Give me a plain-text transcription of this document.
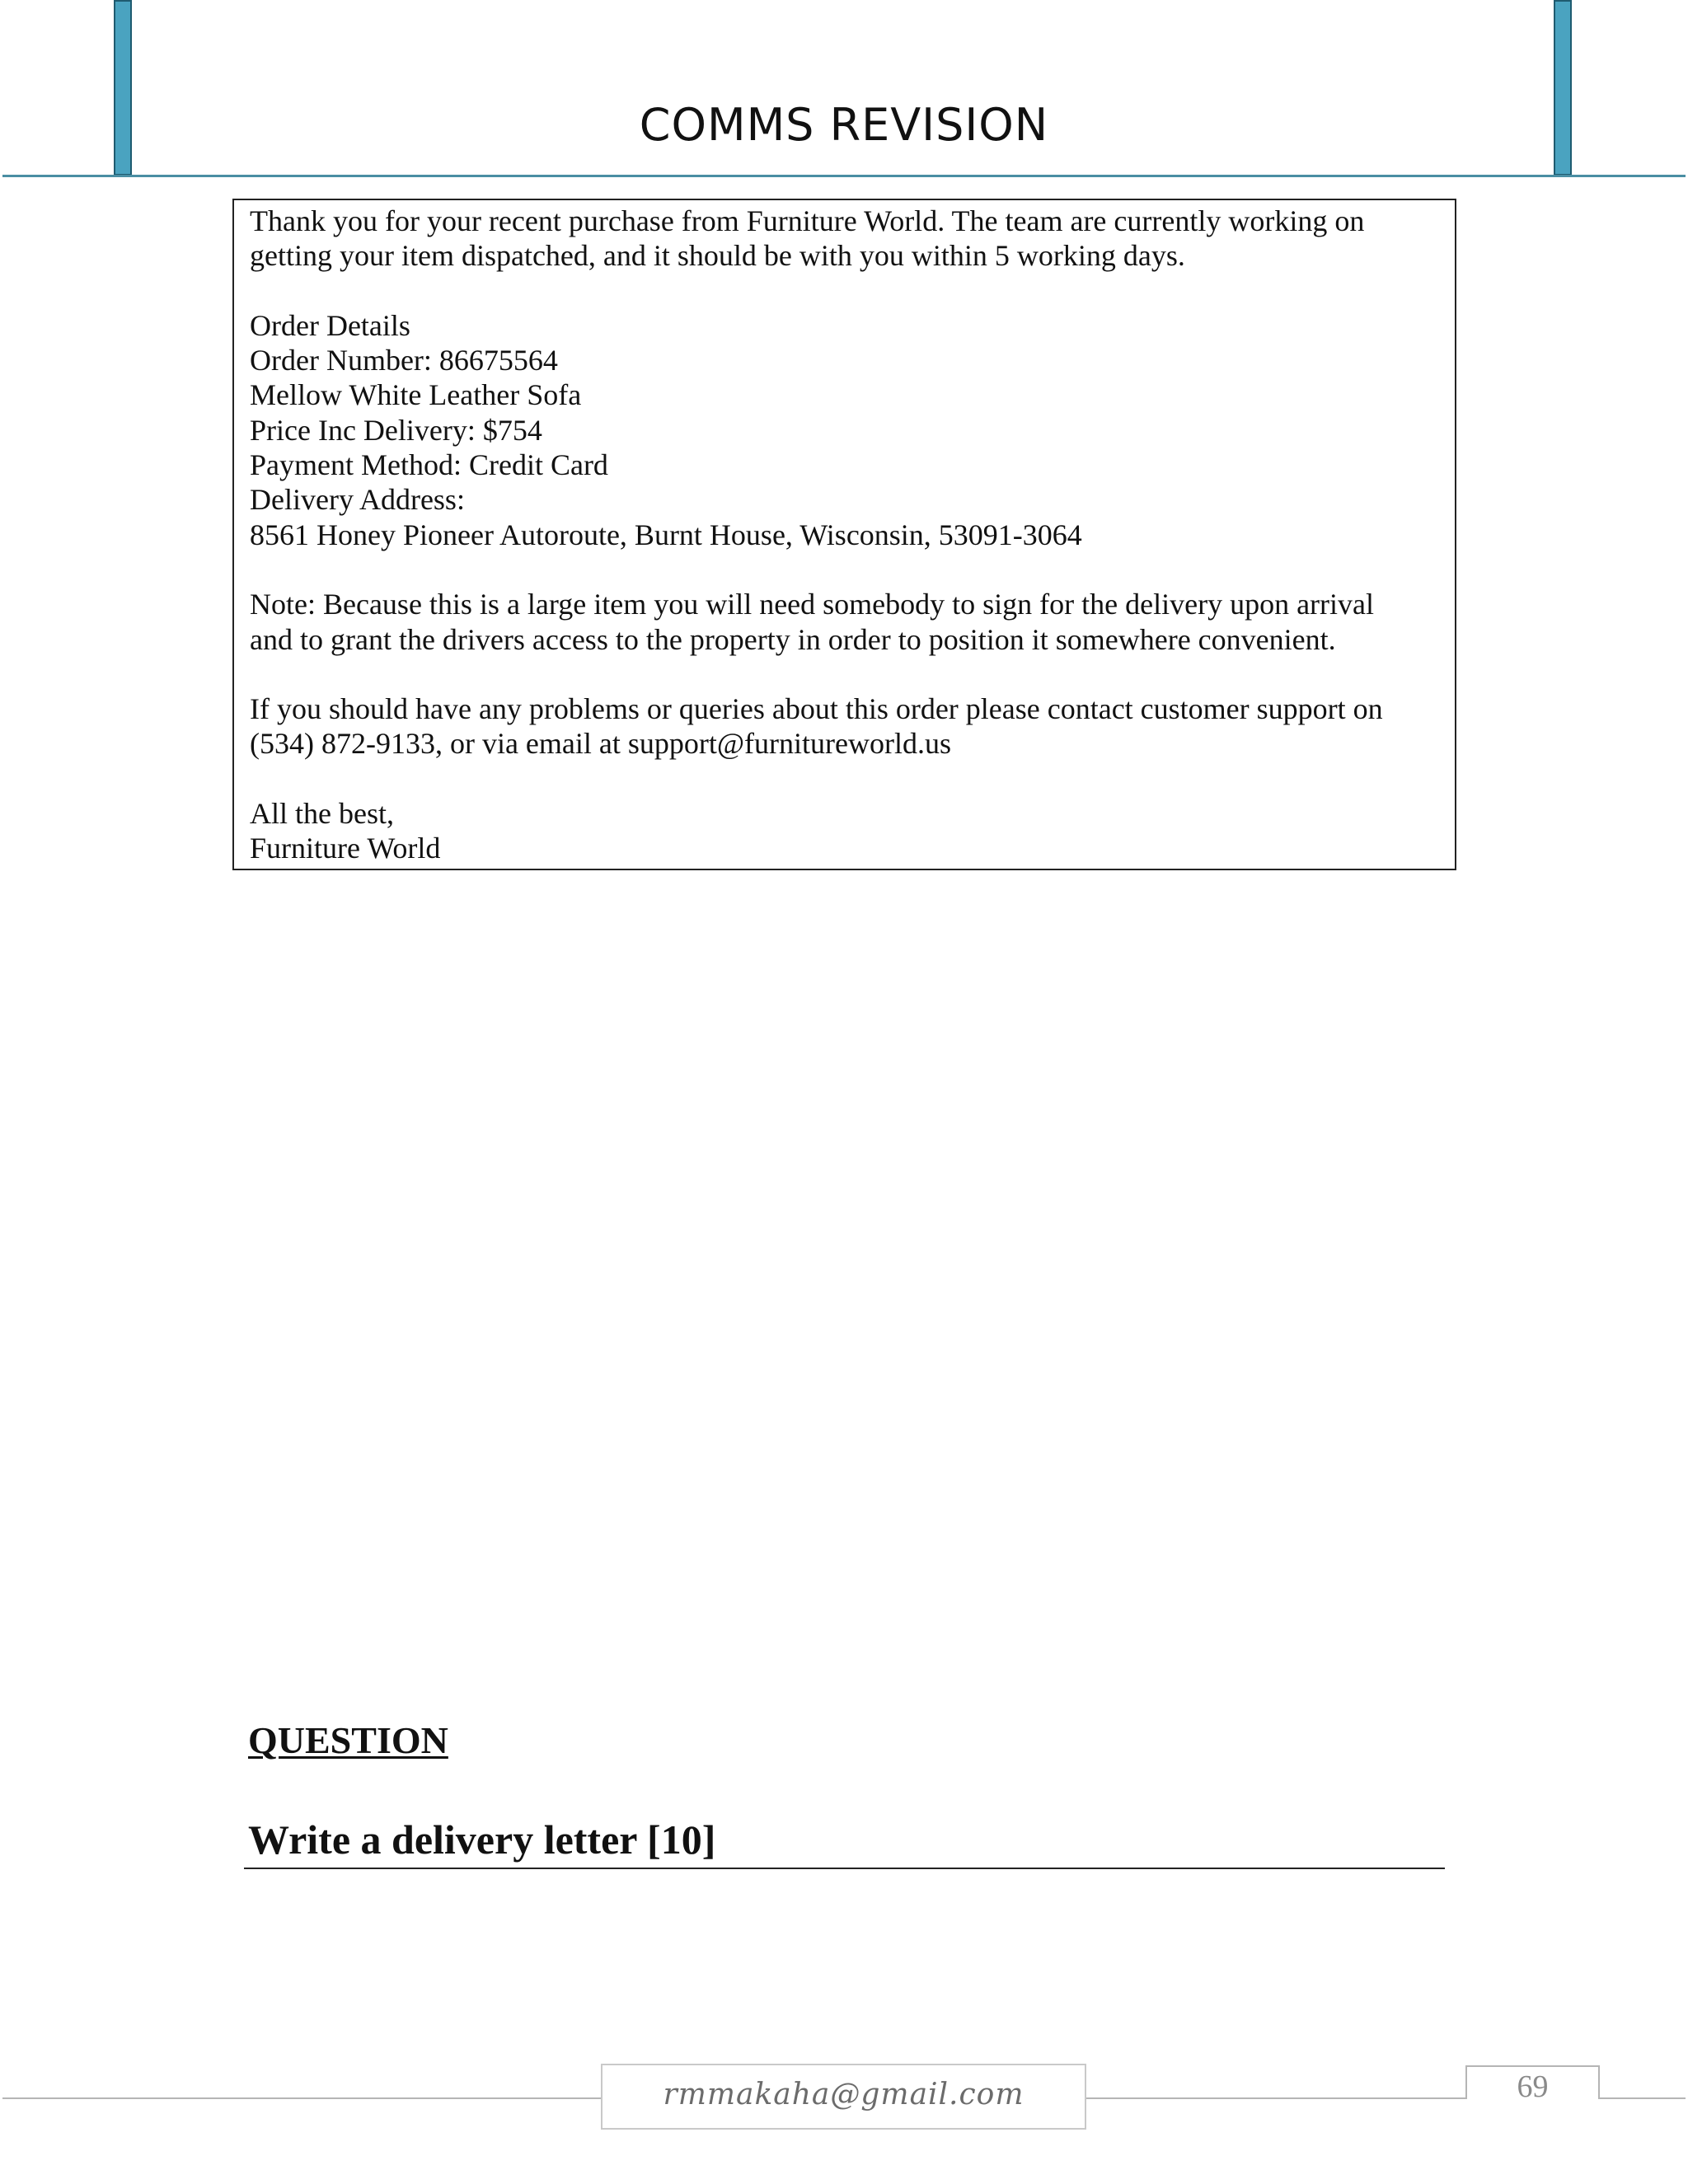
COMMS REVISION
Thank you for your recent purchase from Furniture World. The team are currently working on
getting your item dispatched, and it should be with you within 5 working days.
Order Details
Order Number: 86675564
Mellow White Leather Sofa
Price Inc Delivery: $754
Payment Method: Credit Card
Delivery Address:
8561 Honey Pioneer Autoroute, Burnt House, Wisconsin, 53091-3064
Note: Because this is a large item you will need somebody to sign for the delivery upon arrival
and to grant the drivers access to the property in order to position it somewhere convenient.
If you should have any problems or queries about this order please contact customer support on
(534) 872-9133, or via email at support@furnitureworld.us
All the best,
Furniture World
QUESTION
Write a delivery letter [10]
rmmakaha@gmail.com	69
